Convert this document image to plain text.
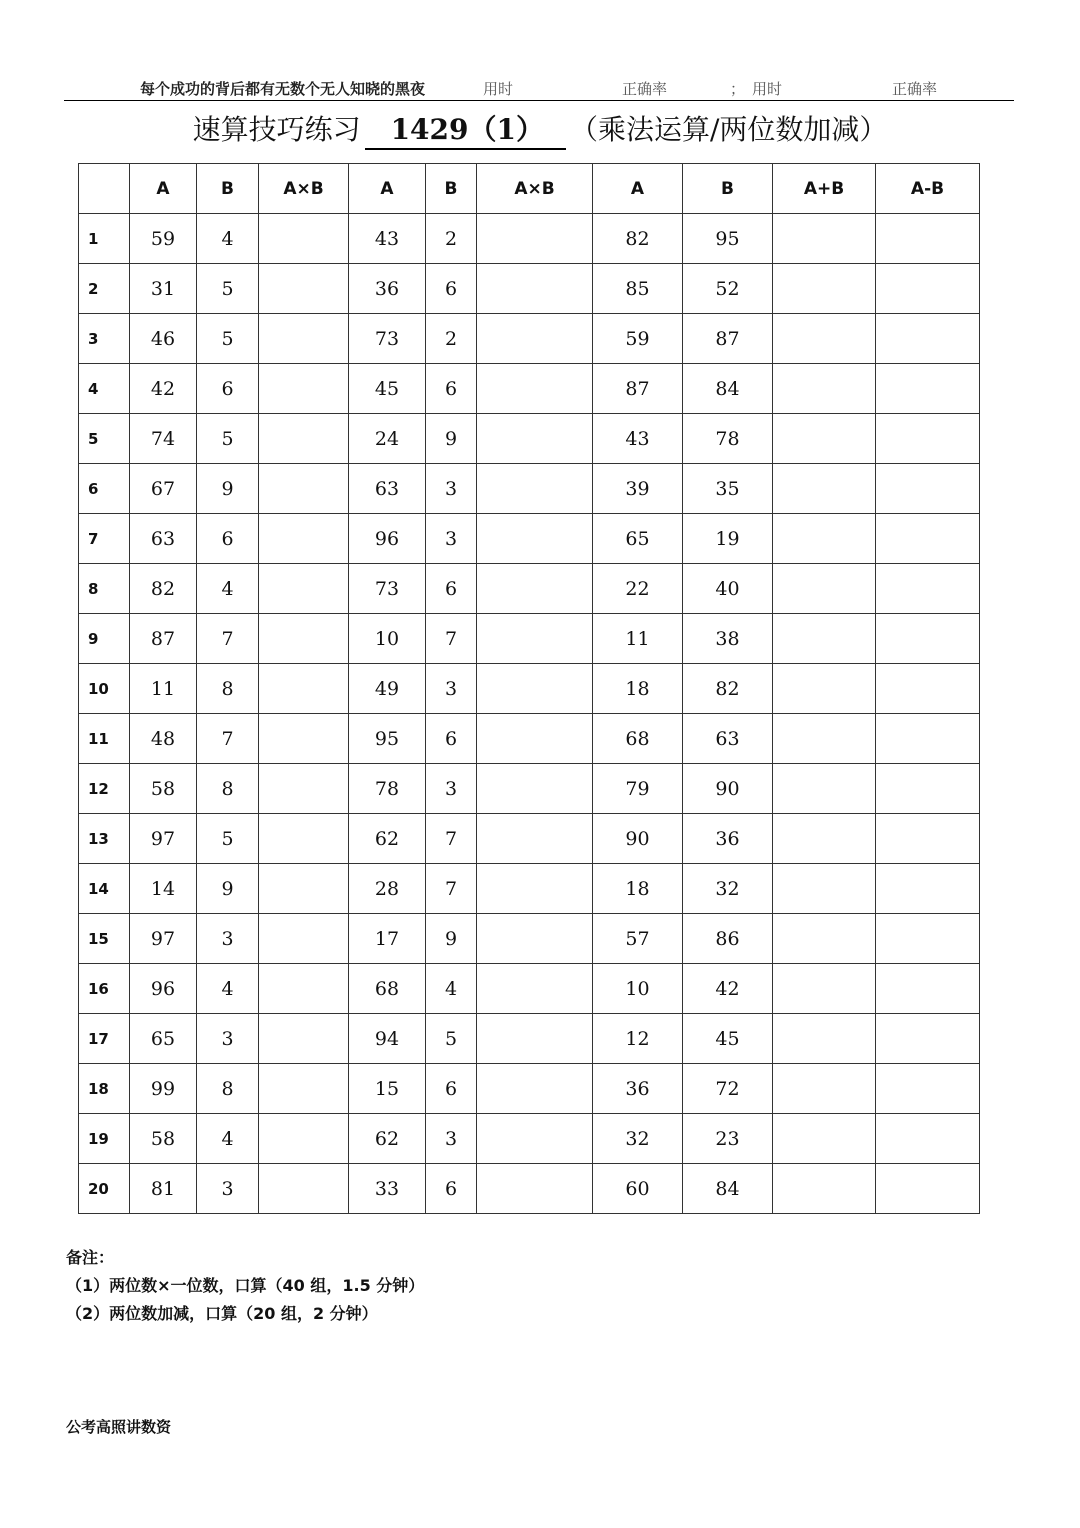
每个成功的背后都有无数个无人知晓的黑夜	用时	正确率	； 用时	正确率
速算技巧练习 1429（1） （乘法运算/两位数加减）
	A	B	A×B	A	B	A×B	A	B	A+B	A-B
1	59	4		43	2		82	95		
2	31	5		36	6		85	52		
3	46	5		73	2		59	87		
4	42	6		45	6		87	84		
5	74	5		24	9		43	78		
6	67	9		63	3		39	35		
7	63	6		96	3		65	19		
8	82	4		73	6		22	40		
9	87	7		10	7		11	38		
10	11	8		49	3		18	82		
11	48	7		95	6		68	63		
12	58	8		78	3		79	90		
13	97	5		62	7		90	36		
14	14	9		28	7		18	32		
15	97	3		17	9		57	86		
16	96	4		68	4		10	42		
17	65	3		94	5		12	45		
18	99	8		15	6		36	72		
19	58	4		62	3		32	23		
20	81	3		33	6		60	84		
备注：
（1）两位数×一位数，口算（40 组，1.5 分钟）
（2）两位数加减，口算（20 组，2 分钟）
公考高照讲数资
